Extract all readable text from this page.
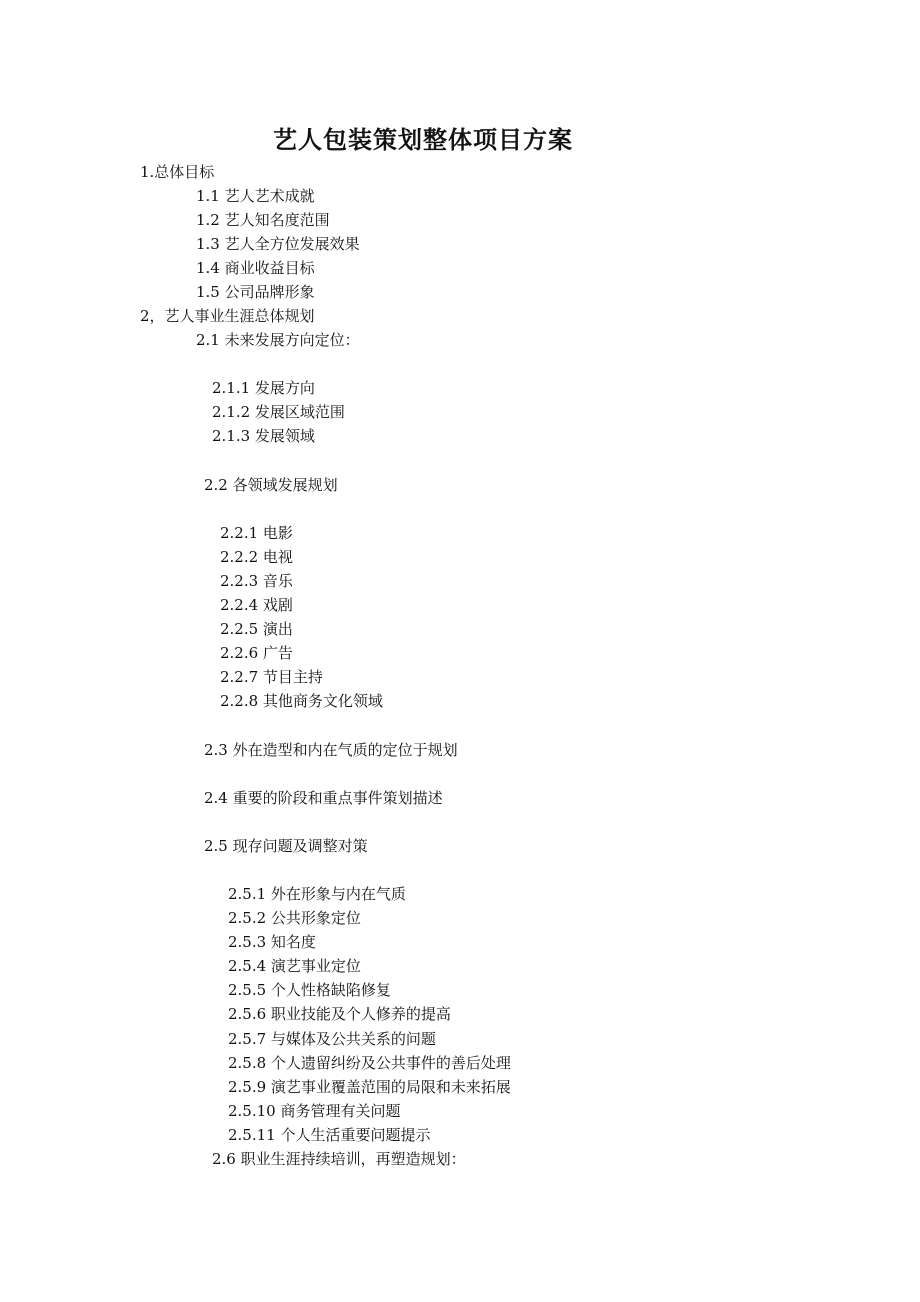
艺人包装策划整体项目方案

1.总体目标

1.1 艺人艺术成就

1.2 艺人知名度范围

1.3 艺人全方位发展效果

1.4 商业收益目标

1.5 公司品牌形象

2，艺人事业生涯总体规划

2.1 未来发展方向定位：

2.1.1 发展方向

2.1.2 发展区域范围

2.1.3 发展领域

2.2 各领域发展规划

2.2.1 电影

2.2.2 电视

2.2.3 音乐

2.2.4 戏剧

2.2.5 演出

2.2.6 广告

2.2.7 节目主持

2.2.8 其他商务文化领域

2.3 外在造型和内在气质的定位于规划

2.4 重要的阶段和重点事件策划描述

2.5 现存问题及调整对策

2.5.1 外在形象与内在气质

2.5.2 公共形象定位

2.5.3 知名度

2.5.4 演艺事业定位

2.5.5 个人性格缺陷修复

2.5.6 职业技能及个人修养的提高

2.5.7 与媒体及公共关系的问题

2.5.8 个人遗留纠纷及公共事件的善后处理

2.5.9 演艺事业覆盖范围的局限和未来拓展

2.5.10 商务管理有关问题

2.5.11 个人生活重要问题提示

2.6 职业生涯持续培训，再塑造规划：
